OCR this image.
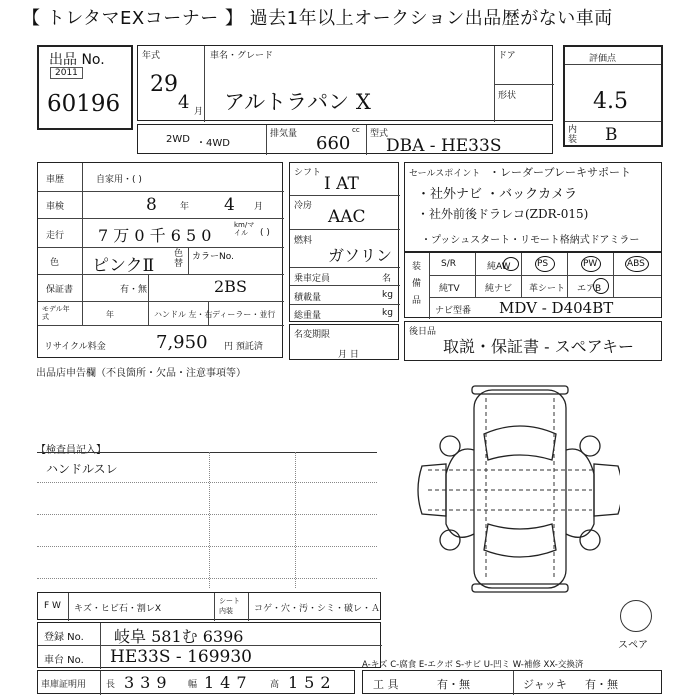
【 トレタマEXコーナー 】 過去1年以上オークション出品歴がない車両
出品 No.
2011
60196
年式
29
4 月
車名・グレード
アルトラパン X
ドア
形状
評価点
4.5
内装 B
2WD ・4WD
排気量 660
cc 型式
DBA - HE33S
車歴	自家用・( )
車検	8	年 4 月
走行 7 万 0 千 6 5 0
km/マイル	( )
色 ピンクⅡ
色替
カラーNo.
保証書	有・無	2BS
モデル年式	年	ハンドル 左・右 ディーラー・並行
リサイクル料金	7,950 円 預託済
シフト
I AT
冷房
AAC
燃料
ガソリン
乗車定員	名
積載量	kg
総重量	kg
名変期限
月 日
セールスポイント ・レーダーブレーキサポート
・社外ナビ ・バックカメラ
・社外前後ドラレコ(ZDR-015)
・プッシュスタート・リモート格納式ドアミラー
装備品
S/R	純AW	PS	PW	ABS
純TV	純ナビ 革シート エアB
ナビ型番 MDV - D404BT
後日品
取説・保証書 - スペアキー
出品店申告欄（不良箇所・欠品・注意事項等）
【検査員記入】
ハンドルスレ
F W キズ・ヒビ石・割レX
シート内装	コゲ・穴・汚・シミ・破レ・Ａ
登録 No. 岐阜 581む 6396
車台 No. HE33S - 169930
車庫証明用 長 339 幅 147 高 152
スペア
A-キズ C-腐食 E-エクボ S-サビ U-凹ミ W-補修 XX-交換済
工 具	有・無	ジャッキ 有・無
